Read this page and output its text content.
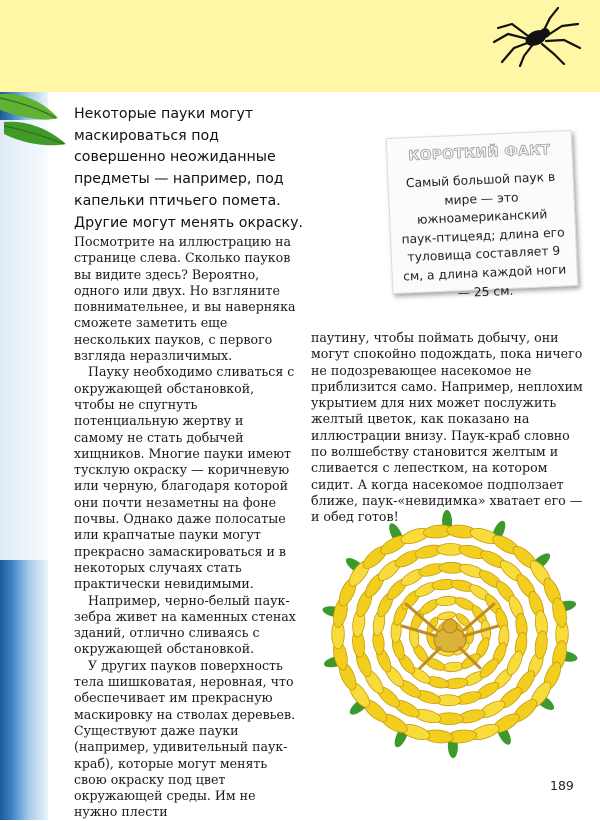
Некоторые пауки могут маскироваться под совершенно неожиданные предметы — например, под капельки птичьего помета. Другие могут менять окраску.

КОРОТКИЙ ФАКТ

Самый большой паук в мире — это южноамериканский паук-птицеяд; длина его туловища составляет 9 см, а длина каждой ноги — 25 см.

Посмотрите на иллюстрацию на странице слева. Сколько пауков вы видите здесь? Вероятно, одного или двух. Но взгляните повнимательнее, и вы наверняка сможете заметить еще нескольких пауков, с первого взгляда неразличимых.

Пауку необходимо сливаться с окружающей обстановкой, чтобы не спугнуть потенциальную жертву и самому не стать добычей хищников. Многие пауки имеют тусклую окраску — коричневую или черную, благодаря которой они почти незаметны на фоне почвы. Однако даже полосатые или крапчатые пауки могут прекрасно замаскироваться и в некоторых случаях стать практически невидимыми.

Например, черно-белый паук-зебра живет на каменных стенах зданий, отлично сливаясь с окружающей обстановкой.

У других пауков поверхность тела шишковатая, неровная, что обеспечивает им прекрасную маскировку на стволах деревьев. Существуют даже пауки (например, удивительный паук-краб), которые могут менять свою окраску под цвет окружающей среды. Им не нужно плести

паутину, чтобы поймать добычу, они могут спокойно подождать, пока ничего не подозревающее насекомое не приблизится само. Например, неплохим укрытием для них может послужить желтый цветок, как показано на иллюстрации внизу. Паук-краб словно по волшебству становится желтым и сливается с лепестком, на котором сидит. А когда насекомое подползает ближе, паук-«невидимка» хватает его — и обед готов!

189
